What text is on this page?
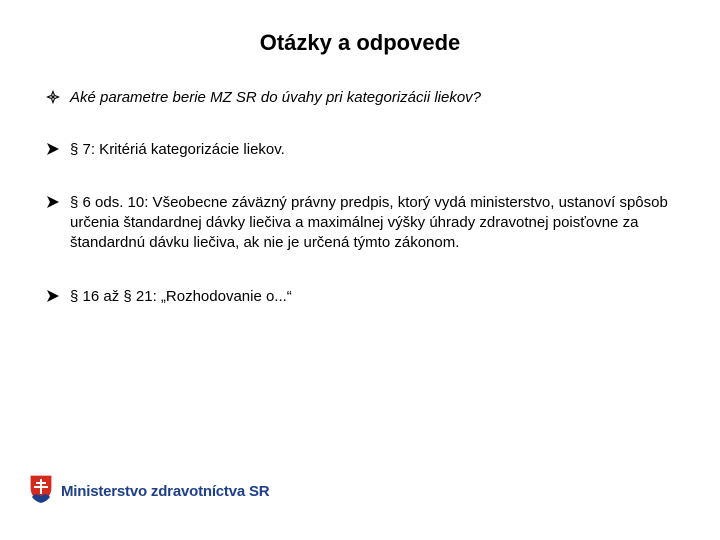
Otázky a odpovede
Aké parametre berie MZ SR do úvahy pri kategorizácii liekov?
§ 7: Kritériá kategorizácie liekov.
§ 6 ods. 10: Všeobecne záväzný právny predpis, ktorý vydá ministerstvo, ustanoví spôsob určenia štandardnej dávky liečiva a maximálnej výšky úhrady zdravotnej poisťovne za štandardnú dávku liečiva, ak nie je určená týmto zákonom.
§ 16 až § 21: „Rozhodovanie o...“
Ministerstvo zdravotníctva SR
